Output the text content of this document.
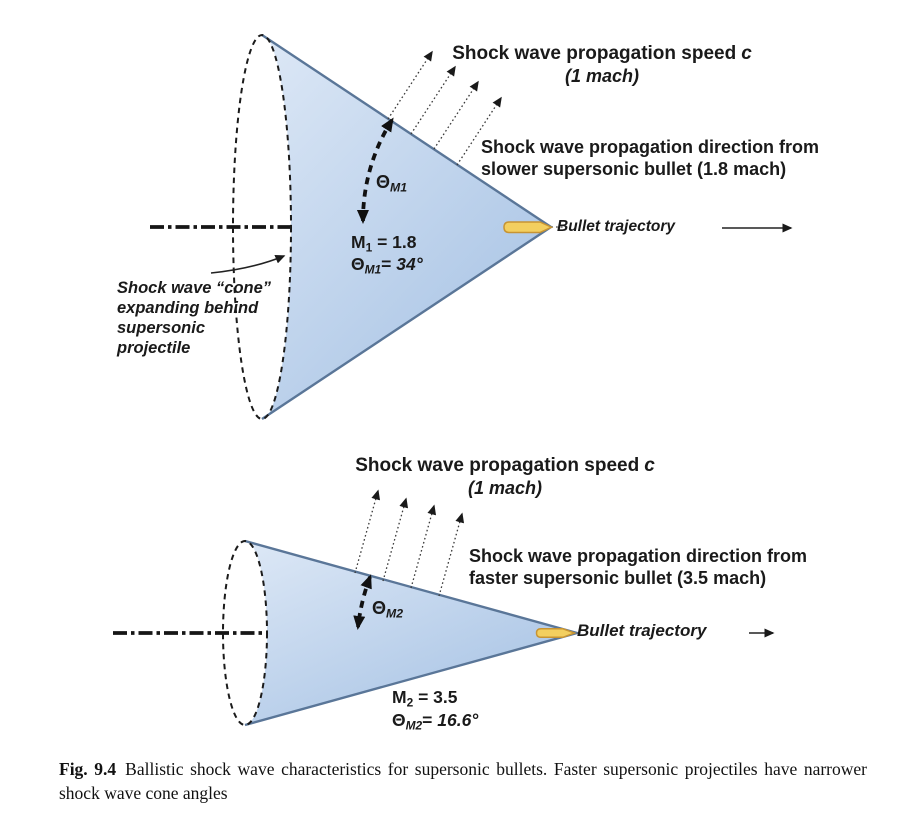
Shock wave propagation speed c
(1 mach)
Shock wave propagation direction from
slower supersonic bullet (1.8 mach)
$\Theta_{M1}$
Bullet trajectory
$M_1 = 1.8$
$\Theta_{M1}= 34^\circ$
Shock wave “cone”
expanding behind
supersonic
projectile
Shock wave propagation speed c
(1 mach)
Shock wave propagation direction from
faster supersonic bullet (3.5 mach)
$\Theta_{M2}$
Bullet trajectory
$M_2 = 3.5$
$\Theta_{M2}= 16.6^\circ$
Fig. 9.4 Ballistic shock wave characteristics for supersonic bullets. Faster supersonic projectiles have narrower shock wave cone angles
